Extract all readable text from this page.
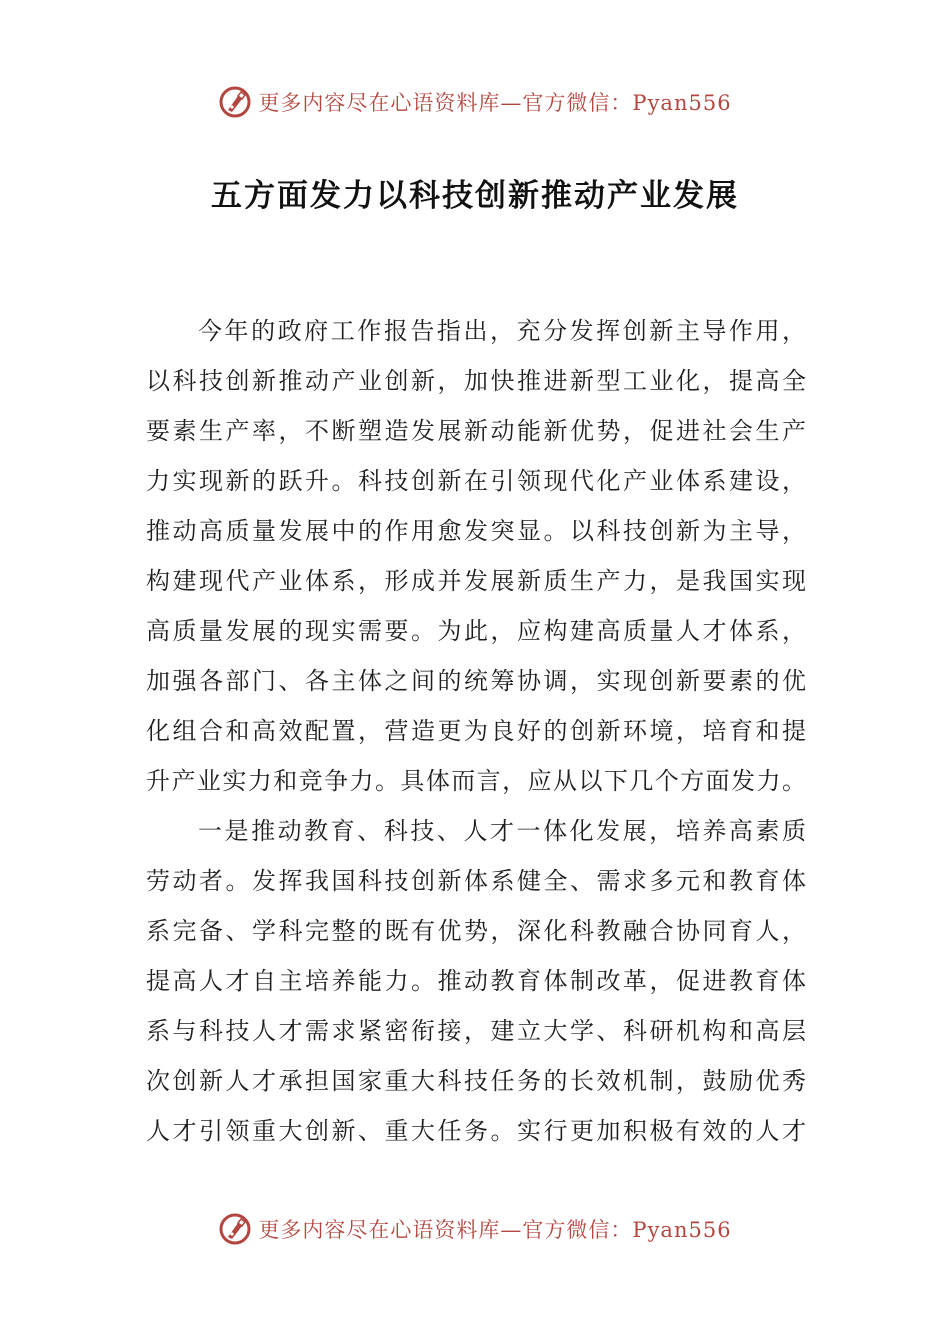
更多内容尽在心语资料库—官方微信：Pyan556
五方面发力以科技创新推动产业发展
今年的政府工作报告指出，充分发挥创新主导作用，
以科技创新推动产业创新，加快推进新型工业化，提高全
要素生产率，不断塑造发展新动能新优势，促进社会生产
力实现新的跃升。科技创新在引领现代化产业体系建设，
推动高质量发展中的作用愈发突显。以科技创新为主导，
构建现代产业体系，形成并发展新质生产力，是我国实现
高质量发展的现实需要。为此，应构建高质量人才体系，
加强各部门、各主体之间的统筹协调，实现创新要素的优
化组合和高效配置，营造更为良好的创新环境，培育和提
升产业实力和竞争力。具体而言，应从以下几个方面发力。
一是推动教育、科技、人才一体化发展，培养高素质
劳动者。发挥我国科技创新体系健全、需求多元和教育体
系完备、学科完整的既有优势，深化科教融合协同育人，
提高人才自主培养能力。推动教育体制改革，促进教育体
系与科技人才需求紧密衔接，建立大学、科研机构和高层
次创新人才承担国家重大科技任务的长效机制，鼓励优秀
人才引领重大创新、重大任务。实行更加积极有效的人才
更多内容尽在心语资料库—官方微信：Pyan556
